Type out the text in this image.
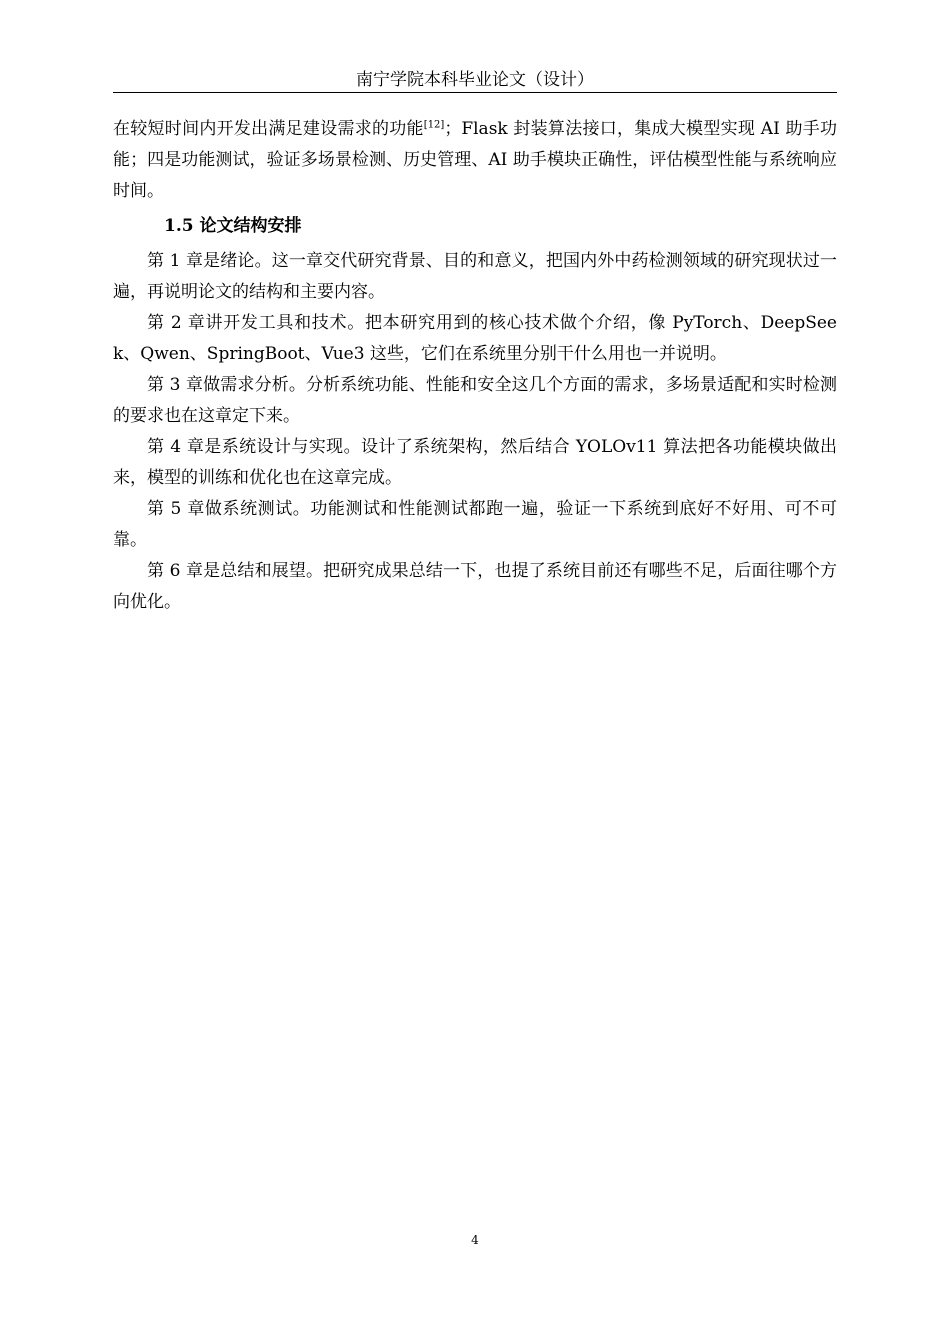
南宁学院本科毕业论文（设计）

在较短时间内开发出满足建设需求的功能[12]；Flask 封装算法接口，集成大模型实现 AI 助手功能；四是功能测试，验证多场景检测、历史管理、AI 助手模块正确性，评估模型性能与系统响应时间。

1.5 论文结构安排

第 1 章是绪论。这一章交代研究背景、目的和意义，把国内外中药检测领域的研究现状过一遍，再说明论文的结构和主要内容。

第 2 章讲开发工具和技术。把本研究用到的核心技术做个介绍，像 PyTorch、DeepSeek、Qwen、SpringBoot、Vue3 这些，它们在系统里分别干什么用也一并说明。

第 3 章做需求分析。分析系统功能、性能和安全这几个方面的需求，多场景适配和实时检测的要求也在这章定下来。

第 4 章是系统设计与实现。设计了系统架构，然后结合 YOLOv11 算法把各功能模块做出来，模型的训练和优化也在这章完成。

第 5 章做系统测试。功能测试和性能测试都跑一遍，验证一下系统到底好不好用、可不可靠。

第 6 章是总结和展望。把研究成果总结一下，也提了系统目前还有哪些不足，后面往哪个方向优化。

4
